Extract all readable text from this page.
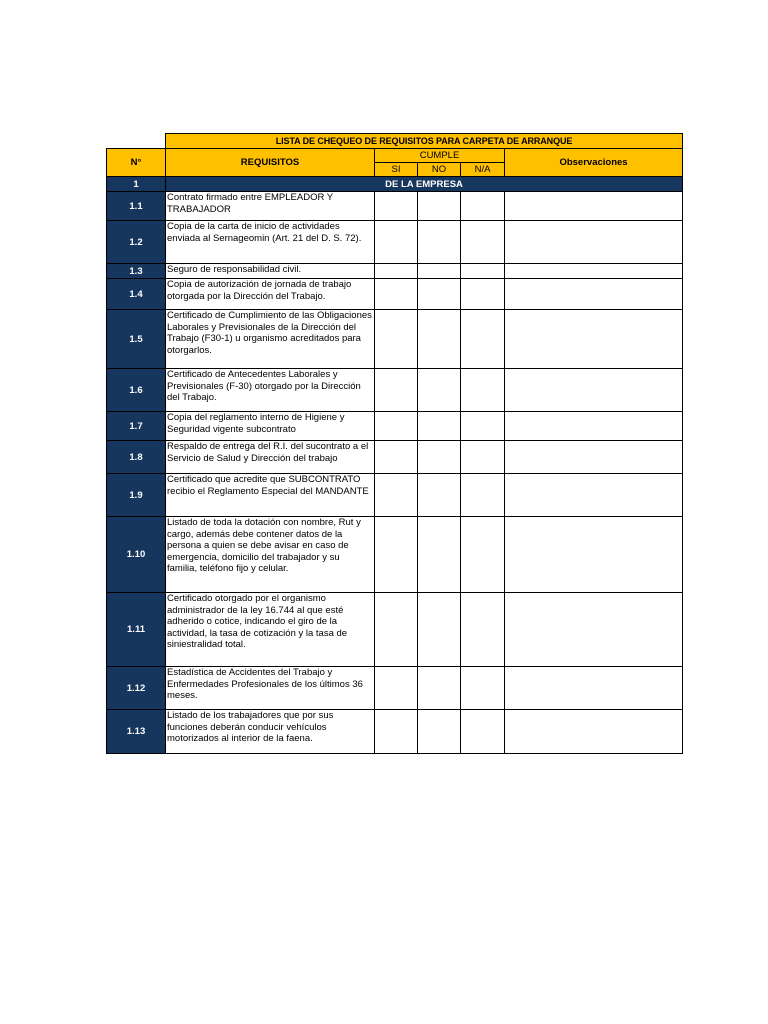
	LISTA DE CHEQUEO DE REQUISITOS PARA CARPETA DE ARRANQUE				
N°	REQUISITOS	CUMPLE			Observaciones
		SI	NO	N/A	
1	DE LA EMPRESA				
1.1	Contrato firmado entre EMPLEADOR Y TRABAJADOR				
1.2	Copia de la carta de inicio de actividades enviada al Sernageomin (Art. 21 del D. S. 72).				
1.3	Seguro de responsabilidad civil.				
1.4	Copia de autorización de jornada de trabajo otorgada por la Dirección del Trabajo.				
1.5	Certificado de Cumplimiento de las Obligaciones Laborales y Previsionales de la Dirección del Trabajo (F30-1) u organismo acreditados para otorgarlos.				
1.6	Certificado de Antecedentes Laborales y Previsionales (F-30) otorgado por la Dirección del Trabajo.				
1.7	Copia del reglamento interno de Higiene y Seguridad vigente subcontrato				
1.8	Respaldo de entrega del R.I. del sucontrato a el Servicio de Salud y Dirección del trabajo				
1.9	Certificado que acredite que SUBCONTRATO recibio el Reglamento Especial del MANDANTE				
1.10	Listado de toda la dotación con nombre, Rut y cargo, además debe contener datos de la persona a quien se debe avisar en caso de emergencia, domicilio del trabajador y su familia, teléfono fijo y celular.				
1.11	Certificado otorgado por el organismo administrador de la ley 16.744 al que esté adherido o cotice, indicando el giro de la actividad, la tasa de cotización y la tasa de siniestralidad total.				
1.12	Estadística de Accidentes del Trabajo y Enfermedades Profesionales de los últimos 36 meses.				
1.13	Listado de los trabajadores que por sus funciones deberán conducir vehículos motorizados al interior de la faena.				
